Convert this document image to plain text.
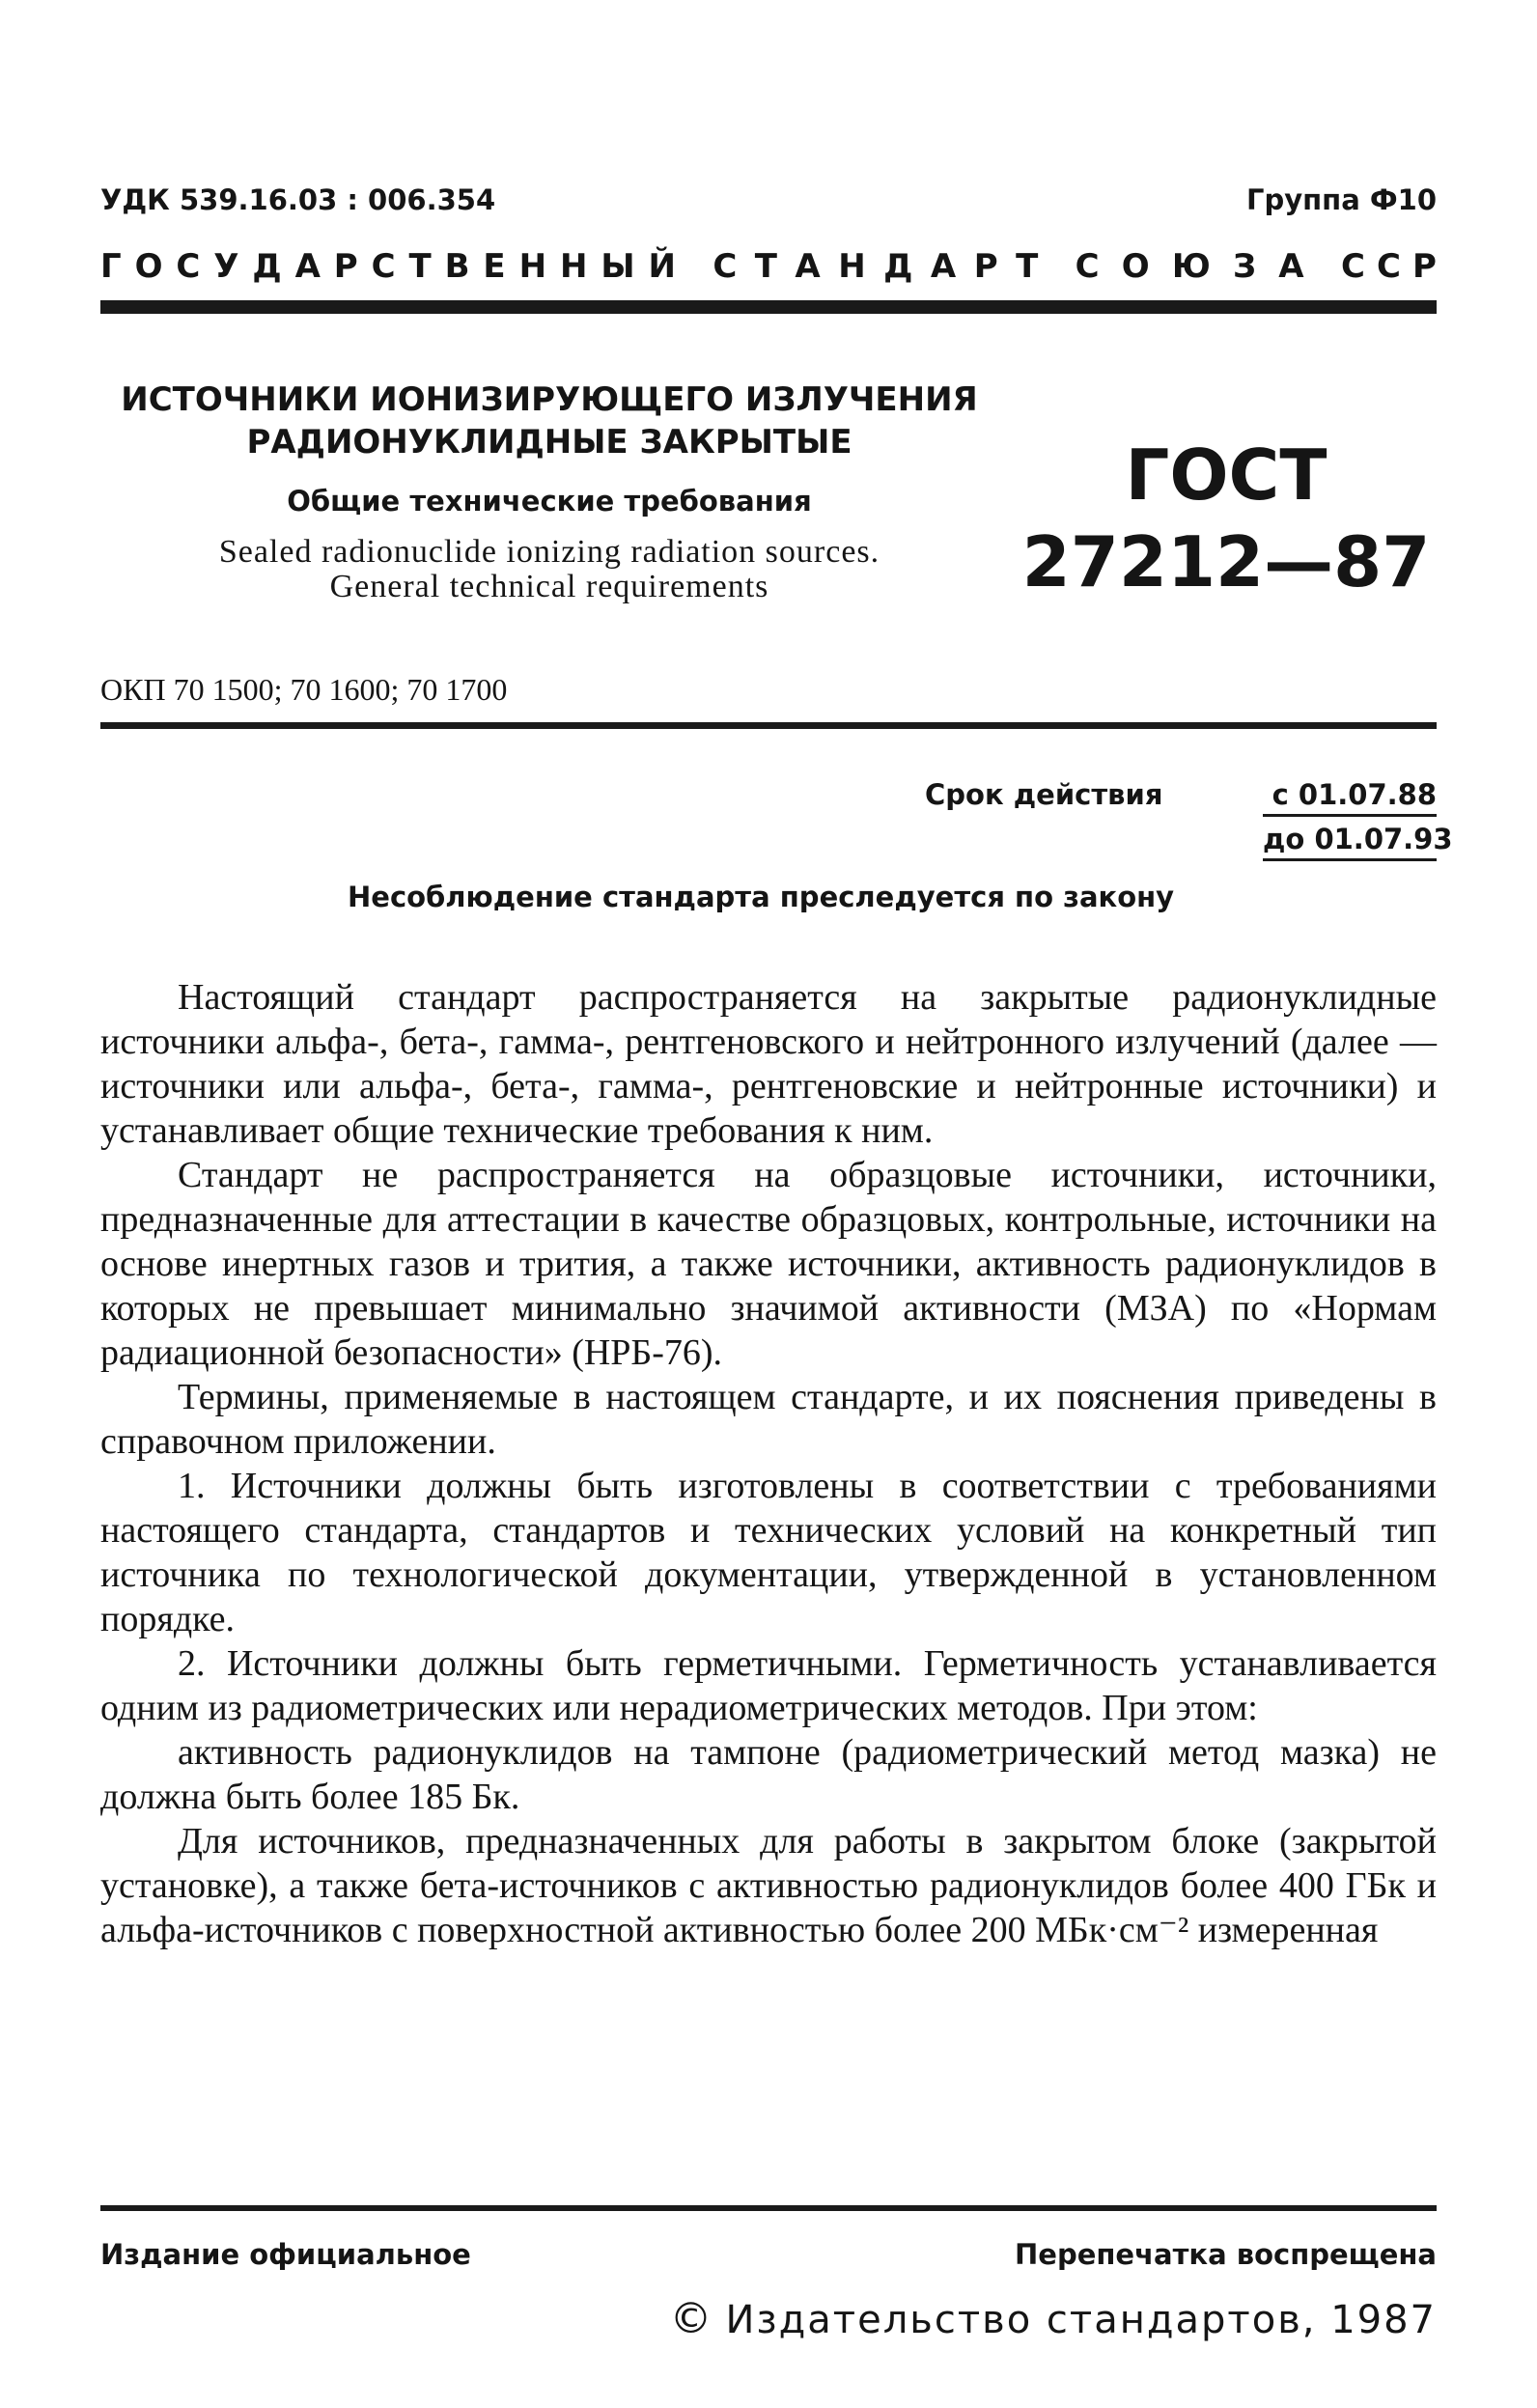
УДК 539.16.03 : 006.354	Группа Ф10
Г О С У Д А Р С Т В Е Н Н Ы Й С Т А Н Д А Р Т С О Ю З А С С Р
ИСТОЧНИКИ ИОНИЗИРУЮЩЕГО ИЗЛУЧЕНИЯ
РАДИОНУКЛИДНЫЕ ЗАКРЫТЫЕ
Общие технические требования
Sealed radionuclide ionizing radiation sources.
General technical requirements
ГОСТ
27212—87
ОКП 70 1500; 70 1600; 70 1700
Срок действия	с 01.07.88
до 01.07.93
Несоблюдение стандарта преследуется по закону

Настоящий стандарт распространяется на закрытые радионуклидные источники альфа-, бета-, гамма-, рентгеновского и нейтронного излучений (далее — источники или альфа-, бета-, гамма-, рентгеновские и нейтронные источники) и устанавливает общие технические требования к ним.

Стандарт не распространяется на образцовые источники, источники, предназначенные для аттестации в качестве образцовых, контрольные, источники на основе инертных газов и трития, а также источники, активность радионуклидов в которых не превышает минимально значимой активности (МЗА) по «Нормам радиационной безопасности» (НРБ-76).

Термины, применяемые в настоящем стандарте, и их пояснения приведены в справочном приложении.

1. Источники должны быть изготовлены в соответствии с требованиями настоящего стандарта, стандартов и технических условий на конкретный тип источника по технологической документации, утвержденной в установленном порядке.

2. Источники должны быть герметичными. Герметичность устанавливается одним из радиометрических или нерадиометрических методов. При этом:

активность радионуклидов на тампоне (радиометрический метод мазка) не должна быть более 185 Бк.

Для источников, предназначенных для работы в закрытом блоке (закрытой установке), а также бета-источников с активностью радионуклидов более 400 ГБк и альфа-источников с поверхностной активностью более 200 МБк·см⁻² измеренная

Издание официальное	Перепечатка воспрещена
© Издательство стандартов, 1987
